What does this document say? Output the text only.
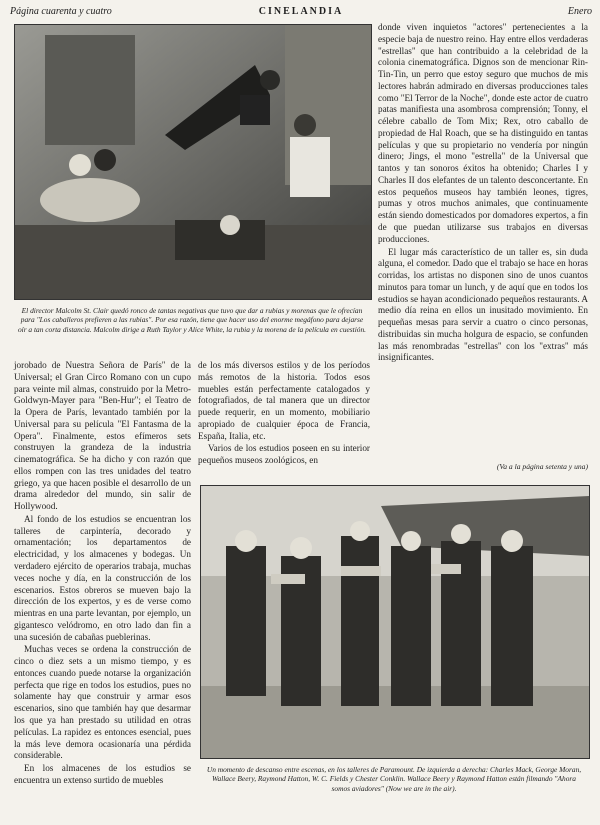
Página cuarenta y cuatro	CINELANDIA	Enero
El director Malcolm St. Clair quedó ronco de tantas negativas que tuvo que dar a rubias y morenas que le ofrecían para "Los caballeros prefieren a las rubias". Por esa razón, tiene que hacer uso del enorme megáfono para dejarse oír a tan corta distancia. Malcolm dirige a Ruth Taylor y Alice White, la rubia y la morena de la película en cuestión.

donde viven inquietos "actores" pertenecientes a la especie baja de nuestro reino. Hay entre ellos verdaderas "estrellas" que han contribuido a la celebridad de la colonia cinematográfica. Dignos son de mencionar Rin-Tin-Tin, un perro que estoy seguro que muchos de mis lectores habrán admirado en diversas producciones tales como "El Terror de la Noche", donde este actor de cuatro patas manifiesta una asombrosa comprensión; Tonny, el célebre caballo de Tom Mix; Rex, otro caballo de propiedad de Hal Roach, que se ha distinguido en tantas películas y que su propietario no vendería por ningún dinero; Jings, el mono "estrella" de la Universal que tantos y tan sonoros éxitos ha obtenido; Charles I y Charles II dos elefantes de un talento desconcertante. En estos pequeños museos hay también leones, tigres, pumas y otros muchos animales, que continuamente están siendo domesticados por domadores expertos, a fin de que puedan utilizarse sus trabajos en diversas producciones.

El lugar más característico de un taller es, sin duda alguna, el comedor. Dado que el trabajo se hace en horas corridas, los artistas no disponen sino de unos cuantos minutos para tomar un lunch, y de aquí que en todos los estudios se hayan acondicionado pequeños restaurants. A medio día reina en ellos un inusitado movimiento. En pequeñas mesas para servir a cuatro o cinco personas, distribuidas sin mucha holgura de espacio, se confunden las más renombradas "estrellas" con los "extras" más insignificantes.

(Va a la página setenta y una)

jorobado de Nuestra Señora de París" de la Universal; el Gran Circo Romano con un cupo para veinte mil almas, construido por la Metro-Goldwyn-Mayer para "Ben-Hur"; el Teatro de la Opera de París, levantado también por la Universal para su película "El Fantasma de la Opera". Finalmente, estos efímeros sets construyen la grandeza de la industria cinematográfica. Se ha dicho y con razón que ellos rompen con las tres unidades del teatro griego, ya que hacen posible el desarrollo de un drama alrededor del mundo, sin salir de Hollywood.

Al fondo de los estudios se encuentran los talleres de carpintería, decorado y ornamentación; los departamentos de electricidad, y los almacenes y bodegas. Un verdadero ejército de operarios trabaja, muchas veces noche y día, en la construcción de los escenarios. Estos obreros se mueven bajo la dirección de los expertos, y es de verse como mientras en una parte levantan, por ejemplo, un gigantesco velódromo, en otro lado dan fin a una sucesión de cabañas pueblerinas.

Muchas veces se ordena la construcción de cinco o diez sets a un mismo tiempo, y es entonces cuando puede notarse la organización perfecta que rige en todos los estudios, pues no solamente hay que construir y armar esos escenarios, sino que también hay que desarmar los que ya han prestado su utilidad en otras películas. La rapidez es entonces esencial, pues la más leve demora ocasionaría una pérdida considerable.

En los almacenes de los estudios se encuentra un extenso surtido de muebles

de los más diversos estilos y de los períodos más remotos de la historia. Todos esos muebles están perfectamente catalogados y fotografiados, de tal manera que un director puede requerir, en un momento, mobiliario apropiado de cualquier época de Francia, España, Italia, etc.

Varios de los estudios poseen en su interior pequeños museos zoológicos, en

Un momento de descanso entre escenas, en los talleres de Paramount. De izquierda a derecha: Charles Mack, George Moran, Wallace Beery, Raymond Hatton, W. C. Fields y Chester Conklin. Wallace Beery y Raymond Hatton están filmando "Ahora somos aviadores" (Now we are in the air).
